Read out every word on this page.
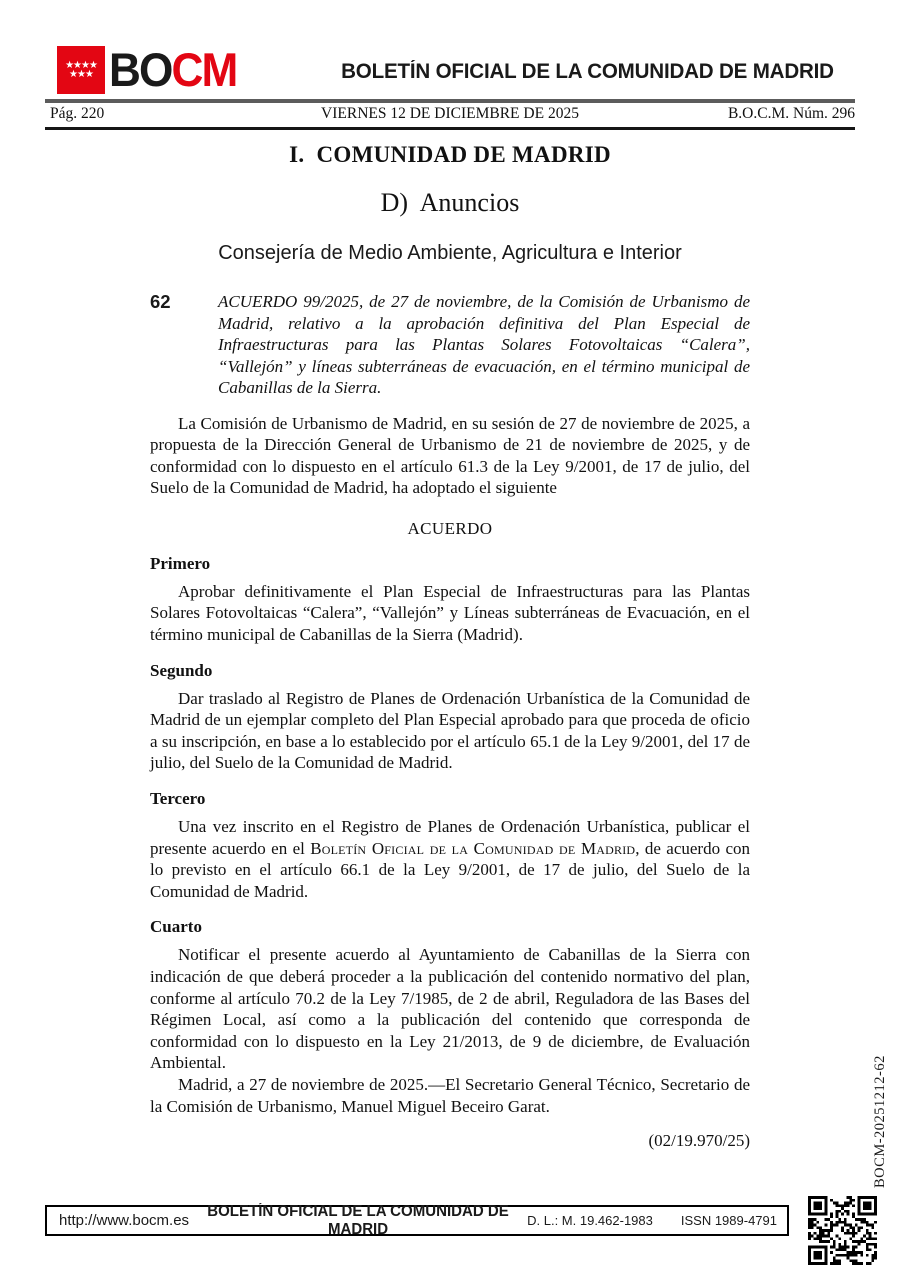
★★★★
★★★ BOCM	BOLETÍN OFICIAL DE LA COMUNIDAD DE MADRID
Pág. 220	VIERNES 12 DE DICIEMBRE DE 2025	B.O.C.M. Núm. 296
I.  COMUNIDAD DE MADRID
D)  Anuncios
Consejería de Medio Ambiente, Agricultura e Interior
62	ACUERDO 99/2025, de 27 de noviembre, de la Comisión de Urbanismo de Madrid, relativo a la aprobación definitiva del Plan Especial de Infraestructuras para las Plantas Solares Fotovoltaicas “Calera”, “Vallejón” y líneas subterráneas de evacuación, en el término municipal de Cabanillas de la Sierra.

La Comisión de Urbanismo de Madrid, en su sesión de 27 de noviembre de 2025, a propuesta de la Dirección General de Urbanismo de 21 de noviembre de 2025, y de conformidad con lo dispuesto en el artículo 61.3 de la Ley 9/2001, de 17 de julio, del Suelo de la Comunidad de Madrid, ha adoptado el siguiente

ACUERDO
Primero

Aprobar definitivamente el Plan Especial de Infraestructuras para las Plantas Solares Fotovoltaicas “Calera”, “Vallejón” y Líneas subterráneas de Evacuación, en el término municipal de Cabanillas de la Sierra (Madrid).

Segundo

Dar traslado al Registro de Planes de Ordenación Urbanística de la Comunidad de Madrid de un ejemplar completo del Plan Especial aprobado para que proceda de oficio a su inscripción, en base a lo establecido por el artículo 65.1 de la Ley 9/2001, del 17 de julio, del Suelo de la Comunidad de Madrid.

Tercero

Una vez inscrito en el Registro de Planes de Ordenación Urbanística, publicar el presente acuerdo en el Boletín Oficial de la Comunidad de Madrid, de acuerdo con lo previsto en el artículo 66.1 de la Ley 9/2001, de 17 de julio, del Suelo de la Comunidad de Madrid.

Cuarto

Notificar el presente acuerdo al Ayuntamiento de Cabanillas de la Sierra con indicación de que deberá proceder a la publicación del contenido normativo del plan, conforme al artículo 70.2 de la Ley 7/1985, de 2 de abril, Reguladora de las Bases del Régimen Local, así como a la publicación del contenido que corresponda de conformidad con lo dispuesto en la Ley 21/2013, de 9 de diciembre, de Evaluación Ambiental.

Madrid, a 27 de noviembre de 2025.—El Secretario General Técnico, Secretario de la Comisión de Urbanismo, Manuel Miguel Beceiro Garat.

(02/19.970/25)	BOCM-20251212-62
http://www.bocm.es
BOLETÍN OFICIAL DE LA COMUNIDAD DE MADRID	D. L.: M. 19.462-1983 ISSN 1989-4791
